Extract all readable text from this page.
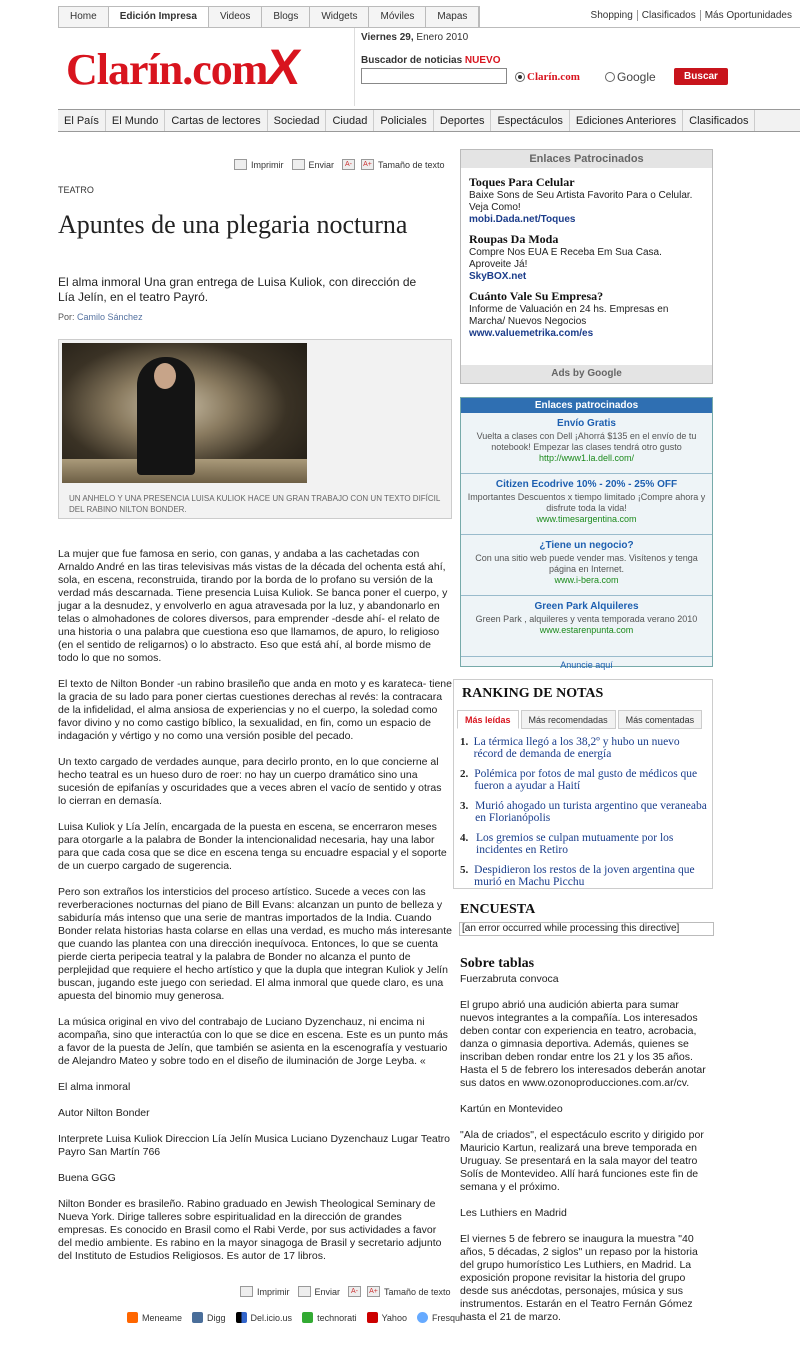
Home	Edición Impresa	Videos	Blogs	Widgets	Móviles	Mapas	Shopping Clasificados Más Oportunidades
Clarín.comX
Viernes 29, Enero 2010
Buscador de noticias NUEVO
Clarín.com	Google	Buscar
El País	El Mundo	Cartas de lectores	Sociedad	Ciudad	Policiales	Deportes	Espectáculos	Ediciones Anteriores	Clasificados
Imprimir	Enviar	A-	A+ Tamaño de texto
TEATRO
Apuntes de una plegaria nocturna
El alma inmoral Una gran entrega de Luisa Kuliok, con dirección de Lía Jelín, en el teatro Payró.
Por: Camilo Sánchez
UN ANHELO Y UNA PRESENCIA LUISA KULIOK HACE UN GRAN TRABAJO CON UN TEXTO DIFÍCIL DEL RABINO NILTON BONDER.

La mujer que fue famosa en serio, con ganas, y andaba a las cachetadas con Arnaldo André en las tiras televisivas más vistas de la década del ochenta está ahí, sola, en escena, reconstruida, tirando por la borda de lo profano su versión de la verdad más descarnada. Tiene presencia Luisa Kuliok. Se banca poner el cuerpo, y jugar a la desnudez, y envolverlo en agua atravesada por la luz, y abandonarlo en telas o almohadones de colores diversos, para emprender -desde ahí- el relato de una historia o una palabra que cuestiona eso que llamamos, de apuro, lo religioso (en el sentido de religarnos) o lo abstracto. Eso que está ahí, al borde mismo de todo lo que no somos.

El texto de Nilton Bonder -un rabino brasileño que anda en moto y es karateca- tiene la gracia de su lado para poner ciertas cuestiones derechas al revés: la contracara de la infidelidad, el alma ansiosa de experiencias y no el cuerpo, la soledad como favor divino y no como castigo bíblico, la sexualidad, en fin, como un espacio de indagación y vértigo y no como una versión posible del pecado.

Un texto cargado de verdades aunque, para decirlo pronto, en lo que concierne al hecho teatral es un hueso duro de roer: no hay un cuerpo dramático sino una sucesión de epifanías y oscuridades que a veces abren el vacío de sentido y otras lo cierran en demasía.

Luisa Kuliok y Lía Jelín, encargada de la puesta en escena, se encerraron meses para otorgarle a la palabra de Bonder la intencionalidad necesaria, hay una labor para que cada cosa que se dice en escena tenga su encuadre espacial y el soporte de un cuerpo cargado de sugerencia.

Pero son extraños los intersticios del proceso artístico. Sucede a veces con las reverberaciones nocturnas del piano de Bill Evans: alcanzan un punto de belleza y sabiduría más intenso que una serie de mantras importados de la India. Cuando Bonder relata historias hasta colarse en ellas una verdad, es mucho más interesante que cuando las plantea con una dirección inequívoca. Entonces, lo que se cuenta pierde cierta peripecia teatral y la palabra de Bonder no alcanza el punto de perplejidad que requiere el hecho artístico y que la dupla que integran Kuliok y Jelín buscan, jugando este juego con seriedad. El alma inmoral que quede claro, es una apuesta del binomio muy generosa.

La música original en vivo del contrabajo de Luciano Dyzenchauz, ni encima ni acompaña, sino que interactúa con lo que se dice en escena. Este es un punto más a favor de la puesta de Jelín, que también se asienta en la escenografía y vestuario de Alejandro Mateo y sobre todo en el diseño de iluminación de Jorge Leyba. «

El alma inmoral

Autor Nilton Bonder

Interprete Luisa Kuliok Direccion Lía Jelín Musica Luciano Dyzenchauz Lugar Teatro Payro San Martín 766

Buena GGG

Nilton Bonder es brasileño. Rabino graduado en Jewish Theological Seminary de Nueva York. Dirige talleres sobre espiritualidad en la dirección de grandes empresas. Es conocido en Brasil como el Rabi Verde, por sus actividades a favor del medio ambiente. Es rabino en la mayor sinagoga de Brasil y secretario adjunto del Instituto de Estudios Religiosos. Es autor de 17 libros.

Imprimir	Enviar	A-	A+ Tamaño de texto
Meneame	Digg	Del.icio.us	technorati	Yahoo	Fresqui
Enlaces Patrocinados
Toques Para Celular
Baixe Sons de Seu Artista Favorito Para o Celular. Veja Como!
mobi.Dada.net/Toques
Roupas Da Moda
Compre Nos EUA E Receba Em Sua Casa. Aproveite Já!
SkyBOX.net
Cuánto Vale Su Empresa?
Informe de Valuación en 24 hs. Empresas en Marcha/ Nuevos Negocios
www.valuemetrika.com/es
Ads by Google
Enlaces patrocinados
Envío Gratis
Vuelta a clases con Dell ¡Ahorrá $135 en el envío de tu notebook! Empezar las clases tendrá otro gusto
http://www1.la.dell.com/
Citizen Ecodrive 10% - 20% - 25% OFF
Importantes Descuentos x tiempo limitado ¡Compre ahora y disfrute toda la vida!
www.timesargentina.com
¿Tiene un negocio?
Con una sitio web puede vender mas. Visítenos y tenga página en Internet.
www.i-bera.com
Green Park Alquileres
Green Park , alquileres y venta temporada verano 2010
www.estarenpunta.com
Anuncie aquí
RANKING DE NOTAS
Más leídas	Más recomendadas	Más comentadas
1. La térmica llegó a los 38,2º y hubo un nuevo récord de demanda de energía
2. Polémica por fotos de mal gusto de médicos que fueron a ayudar a Haití
3. Murió ahogado un turista argentino que veraneaba en Florianópolis
4. Los gremios se culpan mutuamente por los incidentes en Retiro
5. Despidieron los restos de la joven argentina que murió en Machu Picchu
ENCUESTA
[an error occurred while processing this directive]
Sobre tablas

Fuerzabruta convoca

El grupo abrió una audición abierta para sumar nuevos integrantes a la compañía. Los interesados deben contar con experiencia en teatro, acrobacia, danza o gimnasia deportiva. Además, quienes se inscriban deben rondar entre los 21 y los 35 años. Hasta el 5 de febrero los interesados deberán anotar sus datos en www.ozonoproducciones.com.ar/cv.

Kartún en Montevideo

"Ala de criados", el espectáculo escrito y dirigido por Mauricio Kartun, realizará una breve temporada en Uruguay. Se presentará en la sala mayor del teatro Solís de Montevideo. Allí hará funciones este fin de semana y el próximo.

Les Luthiers en Madrid

El viernes 5 de febrero se inaugura la muestra "40 años, 5 décadas, 2 siglos" un repaso por la historia del grupo humorístico Les Luthiers, en Madrid. La exposición propone revisitar la historia del grupo desde sus anécdotas, personajes, música y sus instrumentos. Estarán en el Teatro Fernán Gómez hasta el 21 de marzo.
